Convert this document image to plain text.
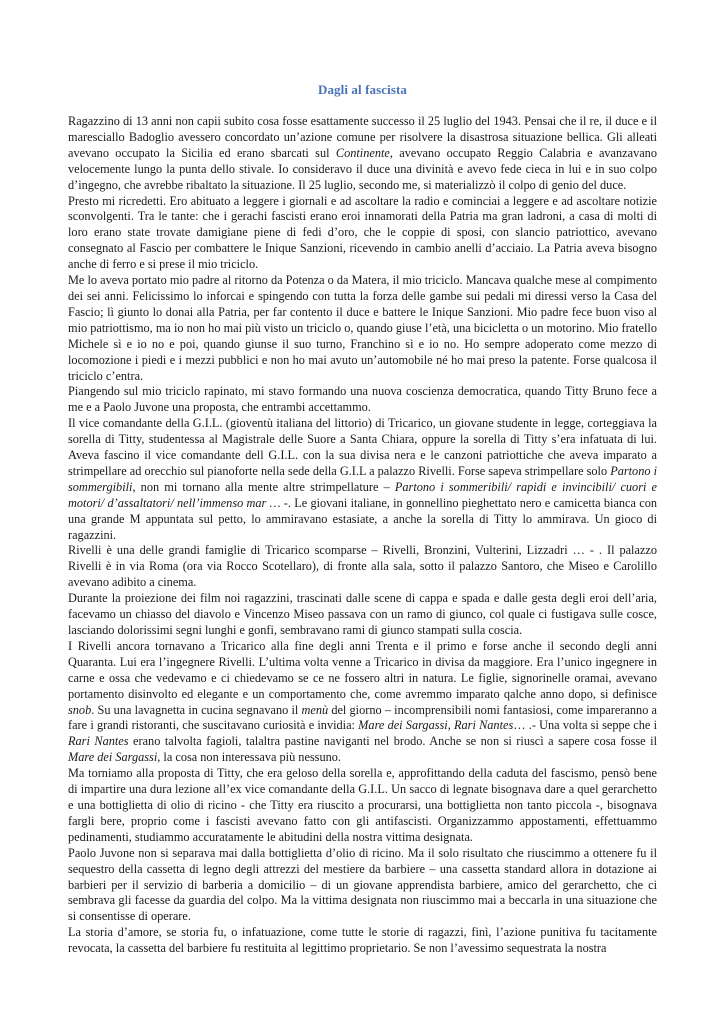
Dagli al fascista

Ragazzino di 13 anni non capii subito cosa fosse esattamente successo il 25 luglio del 1943. Pensai che il re, il duce e il maresciallo Badoglio avessero concordato un’azione comune per risolvere la disastrosa situazione bellica. Gli alleati avevano occupato la Sicilia ed erano sbarcati sul Continente, avevano occupato Reggio Calabria e avanzavano velocemente lungo la punta dello stivale. Io consideravo il duce una divinità e avevo fede cieca in lui e in suo colpo d’ingegno, che avrebbe ribaltato la situazione. Il 25 luglio, secondo me, si materializzò il colpo di genio del duce.

Presto mi ricredetti. Ero abituato a leggere i giornali e ad ascoltare la radio e cominciai a leggere e ad ascoltare notizie sconvolgenti. Tra le tante: che i gerachi fascisti erano eroi innamorati della Patria ma gran ladroni, a casa di molti di loro erano state trovate damigiane piene di fedi d’oro, che le coppie di sposi, con slancio patriottico, avevano consegnato al Fascio per combattere le Inique Sanzioni, ricevendo in cambio anelli d’acciaio. La Patria aveva bisogno anche di ferro e si prese il mio triciclo.

Me lo aveva portato mio padre al ritorno da Potenza o da Matera, il mio triciclo. Mancava qualche mese al compimento dei sei anni. Felicissimo lo inforcai e spingendo con tutta la forza delle gambe sui pedali mi diressi verso la Casa del Fascio; lì giunto lo donai alla Patria, per far contento il duce e battere le Inique Sanzioni. Mio padre fece buon viso al mio patriottismo, ma io non ho mai più visto un triciclo o, quando giuse l’età, una bicicletta o un motorino. Mio fratello Michele sì e io no e poi, quando giunse il suo turno, Franchino sì e io no. Ho sempre adoperato come mezzo di locomozione i piedi e i mezzi pubblici e non ho mai avuto un’automobile né ho mai preso la patente. Forse qualcosa il triciclo c’entra.

Piangendo sul mio triciclo rapinato, mi stavo formando una nuova coscienza democratica, quando Titty Bruno fece a me e a Paolo Juvone una proposta, che entrambi accettammo.

Il vice comandante della G.I.L. (gioventù italiana del littorio) di Tricarico, un giovane studente in legge, corteggiava la sorella di Titty, studentessa al Magistrale delle Suore a Santa Chiara, oppure la sorella di Titty s’era infatuata di lui. Aveva fascino il vice comandante dell G.I.L. con la sua divisa nera e le canzoni patriottiche che aveva imparato a strimpellare ad orecchio sul pianoforte nella sede della G.I.L a palazzo Rivelli. Forse sapeva strimpellare solo Partono i sommergibili, non mi tornano alla mente altre strimpellature – Partono i sommeribili/ rapidi e invincibili/ cuori e motori/ d’assaltatori/ nell’immenso mar … -. Le giovani italiane, in gonnellino pieghettato nero e camicetta bianca con una grande M appuntata sul petto, lo ammiravano estasiate, a anche la sorella di Titty lo ammirava. Un gioco di ragazzini.

Rivelli è una delle grandi famiglie di Tricarico scomparse – Rivelli, Bronzini, Vulterini, Lizzadri … - . Il palazzo Rivelli è in via Roma (ora via Rocco Scotellaro), di fronte alla sala, sotto il palazzo Santoro, che Miseo e Carolillo avevano adibito a cinema.

Durante la proiezione dei film noi ragazzini, trascinati dalle scene di cappa e spada e dalle gesta degli eroi dell’aria, facevamo un chiasso del diavolo e Vincenzo Miseo passava con un ramo di giunco, col quale ci fustigava sulle cosce, lasciando dolorissimi segni lunghi e gonfi, sembravano rami di giunco stampati sulla coscia.

I Rivelli ancora tornavano a Tricarico alla fine degli anni Trenta e il primo e forse anche il secondo degli anni Quaranta. Lui era l’ingegnere Rivelli. L’ultima volta venne a Tricarico in divisa da maggiore. Era l’unico ingegnere in carne e ossa che vedevamo e ci chiedevamo se ce ne fossero altri in natura. Le figlie, signorinelle oramai, avevano portamento disinvolto ed elegante e un comportamento che, come avremmo imparato qalche anno dopo, si definisce snob. Su una lavagnetta in cucina segnavano il menù del giorno – incomprensibili nomi fantasiosi, come impareranno a fare i grandi ristoranti, che suscitavano curiosità e invidia: Mare dei Sargassi, Rari Nantes… .- Una volta si seppe che i Rari Nantes erano talvolta fagioli, talaltra pastine naviganti nel brodo. Anche se non si riuscì a sapere cosa fosse il Mare dei Sargassi, la cosa non interessava più nessuno.

Ma torniamo alla proposta di Titty, che era geloso della sorella e, approfittando della caduta del fascismo, pensò bene di impartire una dura lezione all’ex vice comandante della G.I.L. Un sacco di legnate bisognava dare a quel gerarchetto e una bottiglietta di olio di ricino - che Titty era riuscito a procurarsi, una bottiglietta non tanto piccola -, bisognava fargli bere, proprio come i fascisti avevano fatto con gli antifascisti. Organizzammo appostamenti, effettuammo pedinamenti, studiammo accuratamente le abitudini della nostra vittima designata.

Paolo Juvone non si separava mai dalla bottiglietta d’olio di ricino. Ma il solo risultato che riuscimmo a ottenere fu il sequestro della cassetta di legno degli attrezzi del mestiere da barbiere – una cassetta standard allora in dotazione ai barbieri per il servizio di barberia a domicilio – di un giovane apprendista barbiere, amico del gerarchetto, che ci sembrava gli facesse da guardia del colpo. Ma la vittima designata non riuscimmo mai a beccarla in una situazione che si consentisse di operare.

La storia d’amore, se storia fu, o infatuazione, come tutte le storie di ragazzi, finì, l’azione punitiva fu tacitamente revocata, la cassetta del barbiere fu restituita al legittimo proprietario. Se non l’avessimo sequestrata la nostra
